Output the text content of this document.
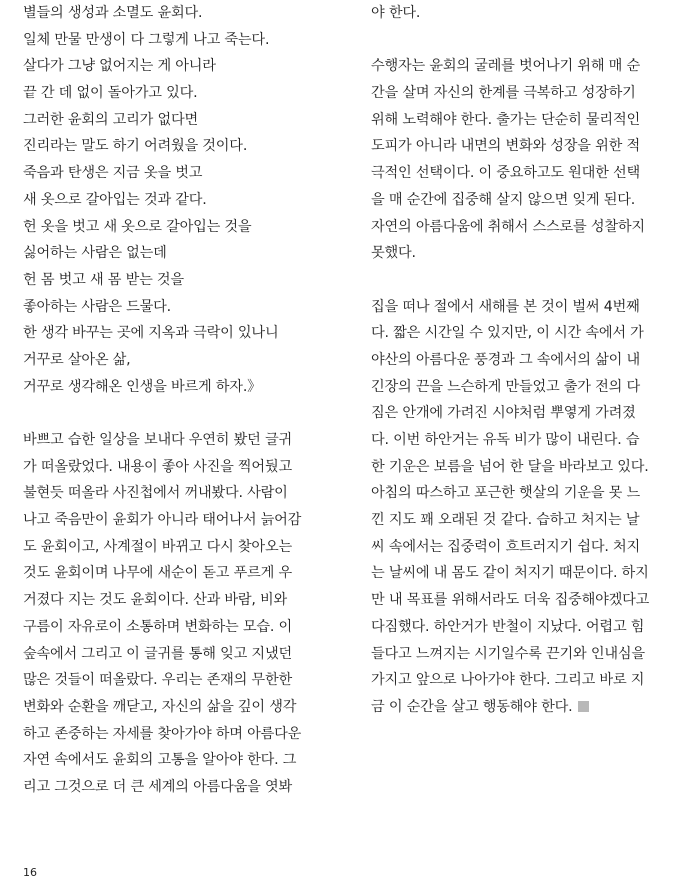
별들의 생성과 소멸도 윤회다.
일체 만물 만생이 다 그렇게 나고 죽는다.
살다가 그냥 없어지는 게 아니라
끝 간 데 없이 돌아가고 있다.
그러한 윤회의 고리가 없다면
진리라는 말도 하기 어려웠을 것이다.
죽음과 탄생은 지금 옷을 벗고
새 옷으로 갈아입는 것과 같다.
헌 옷을 벗고 새 옷으로 갈아입는 것을
싫어하는 사람은 없는데
헌 몸 벗고 새 몸 받는 것을
좋아하는 사람은 드물다.
한 생각 바꾸는 곳에 지옥과 극락이 있나니
거꾸로 살아온 삶,
거꾸로 생각해온 인생을 바르게 하자.》
바쁘고 습한 일상을 보내다 우연히 봤던 글귀
가 떠올랐었다. 내용이 좋아 사진을 찍어뒀고
불현듯 떠올라 사진첩에서 꺼내봤다. 사람이
나고 죽음만이 윤회가 아니라 태어나서 늙어감
도 윤회이고, 사계절이 바뀌고 다시 찾아오는
것도 윤회이며 나무에 새순이 돋고 푸르게 우
거졌다 지는 것도 윤회이다. 산과 바람, 비와
구름이 자유로이 소통하며 변화하는 모습. 이
숲속에서 그리고 이 글귀를 통해 잊고 지냈던
많은 것들이 떠올랐다. 우리는 존재의 무한한
변화와 순환을 깨닫고, 자신의 삶을 깊이 생각
하고 존중하는 자세를 찾아가야 하며 아름다운
자연 속에서도 윤회의 고통을 알아야 한다. 그
리고 그것으로 더 큰 세계의 아름다움을 엿봐
야 한다.
수행자는 윤회의 굴레를 벗어나기 위해 매 순
간을 살며 자신의 한계를 극복하고 성장하기
위해 노력해야 한다. 출가는 단순히 물리적인
도피가 아니라 내면의 변화와 성장을 위한 적
극적인 선택이다. 이 중요하고도 원대한 선택
을 매 순간에 집중해 살지 않으면 잊게 된다.
자연의 아름다움에 취해서 스스로를 성찰하지
못했다.
집을 떠나 절에서 새해를 본 것이 벌써 4번째
다. 짧은 시간일 수 있지만, 이 시간 속에서 가
야산의 아름다운 풍경과 그 속에서의 삶이 내
긴장의 끈을 느슨하게 만들었고 출가 전의 다
짐은 안개에 가려진 시야처럼 뿌옇게 가려졌
다. 이번 하안거는 유독 비가 많이 내린다. 습
한 기운은 보름을 넘어 한 달을 바라보고 있다.
아침의 따스하고 포근한 햇살의 기운을 못 느
낀 지도 꽤 오래된 것 같다. 습하고 처지는 날
씨 속에서는 집중력이 흐트러지기 쉽다. 처지
는 날씨에 내 몸도 같이 처지기 때문이다. 하지
만 내 목표를 위해서라도 더욱 집중해야겠다고
다짐했다. 하안거가 반철이 지났다. 어렵고 힘
들다고 느껴지는 시기일수록 끈기와 인내심을
가지고 앞으로 나아가야 한다. 그리고 바로 지
금 이 순간을 살고 행동해야 한다.
16
